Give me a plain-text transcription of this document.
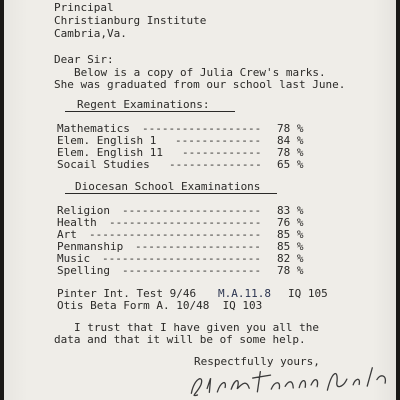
Principal
Christianburg Institute
Cambria,Va.
Dear Sir:
Below is a copy of Julia Crew's marks.
She was graduated from our school last June.
Regent Examinations:
Mathematics ------------------ 78 %
Elem. English 1 ------------- 84 %
Elem. English 11 ------------ 78 %
Socail Studies -------------- 65 %
Diocesan School Examinations
Religion --------------------- 83 %
Health ----------------------- 76 %
Art -------------------------- 85 %
Penmanship ------------------- 85 %
Music ------------------------ 82 %
Spelling --------------------- 78 %
Pinter Int. Test 9/46 M.A.11.8 IQ 105
Otis Beta Form A. 10/48  IQ 103
I trust that I have given you all the
data and that it will be of some help.
Respectfully yours,
